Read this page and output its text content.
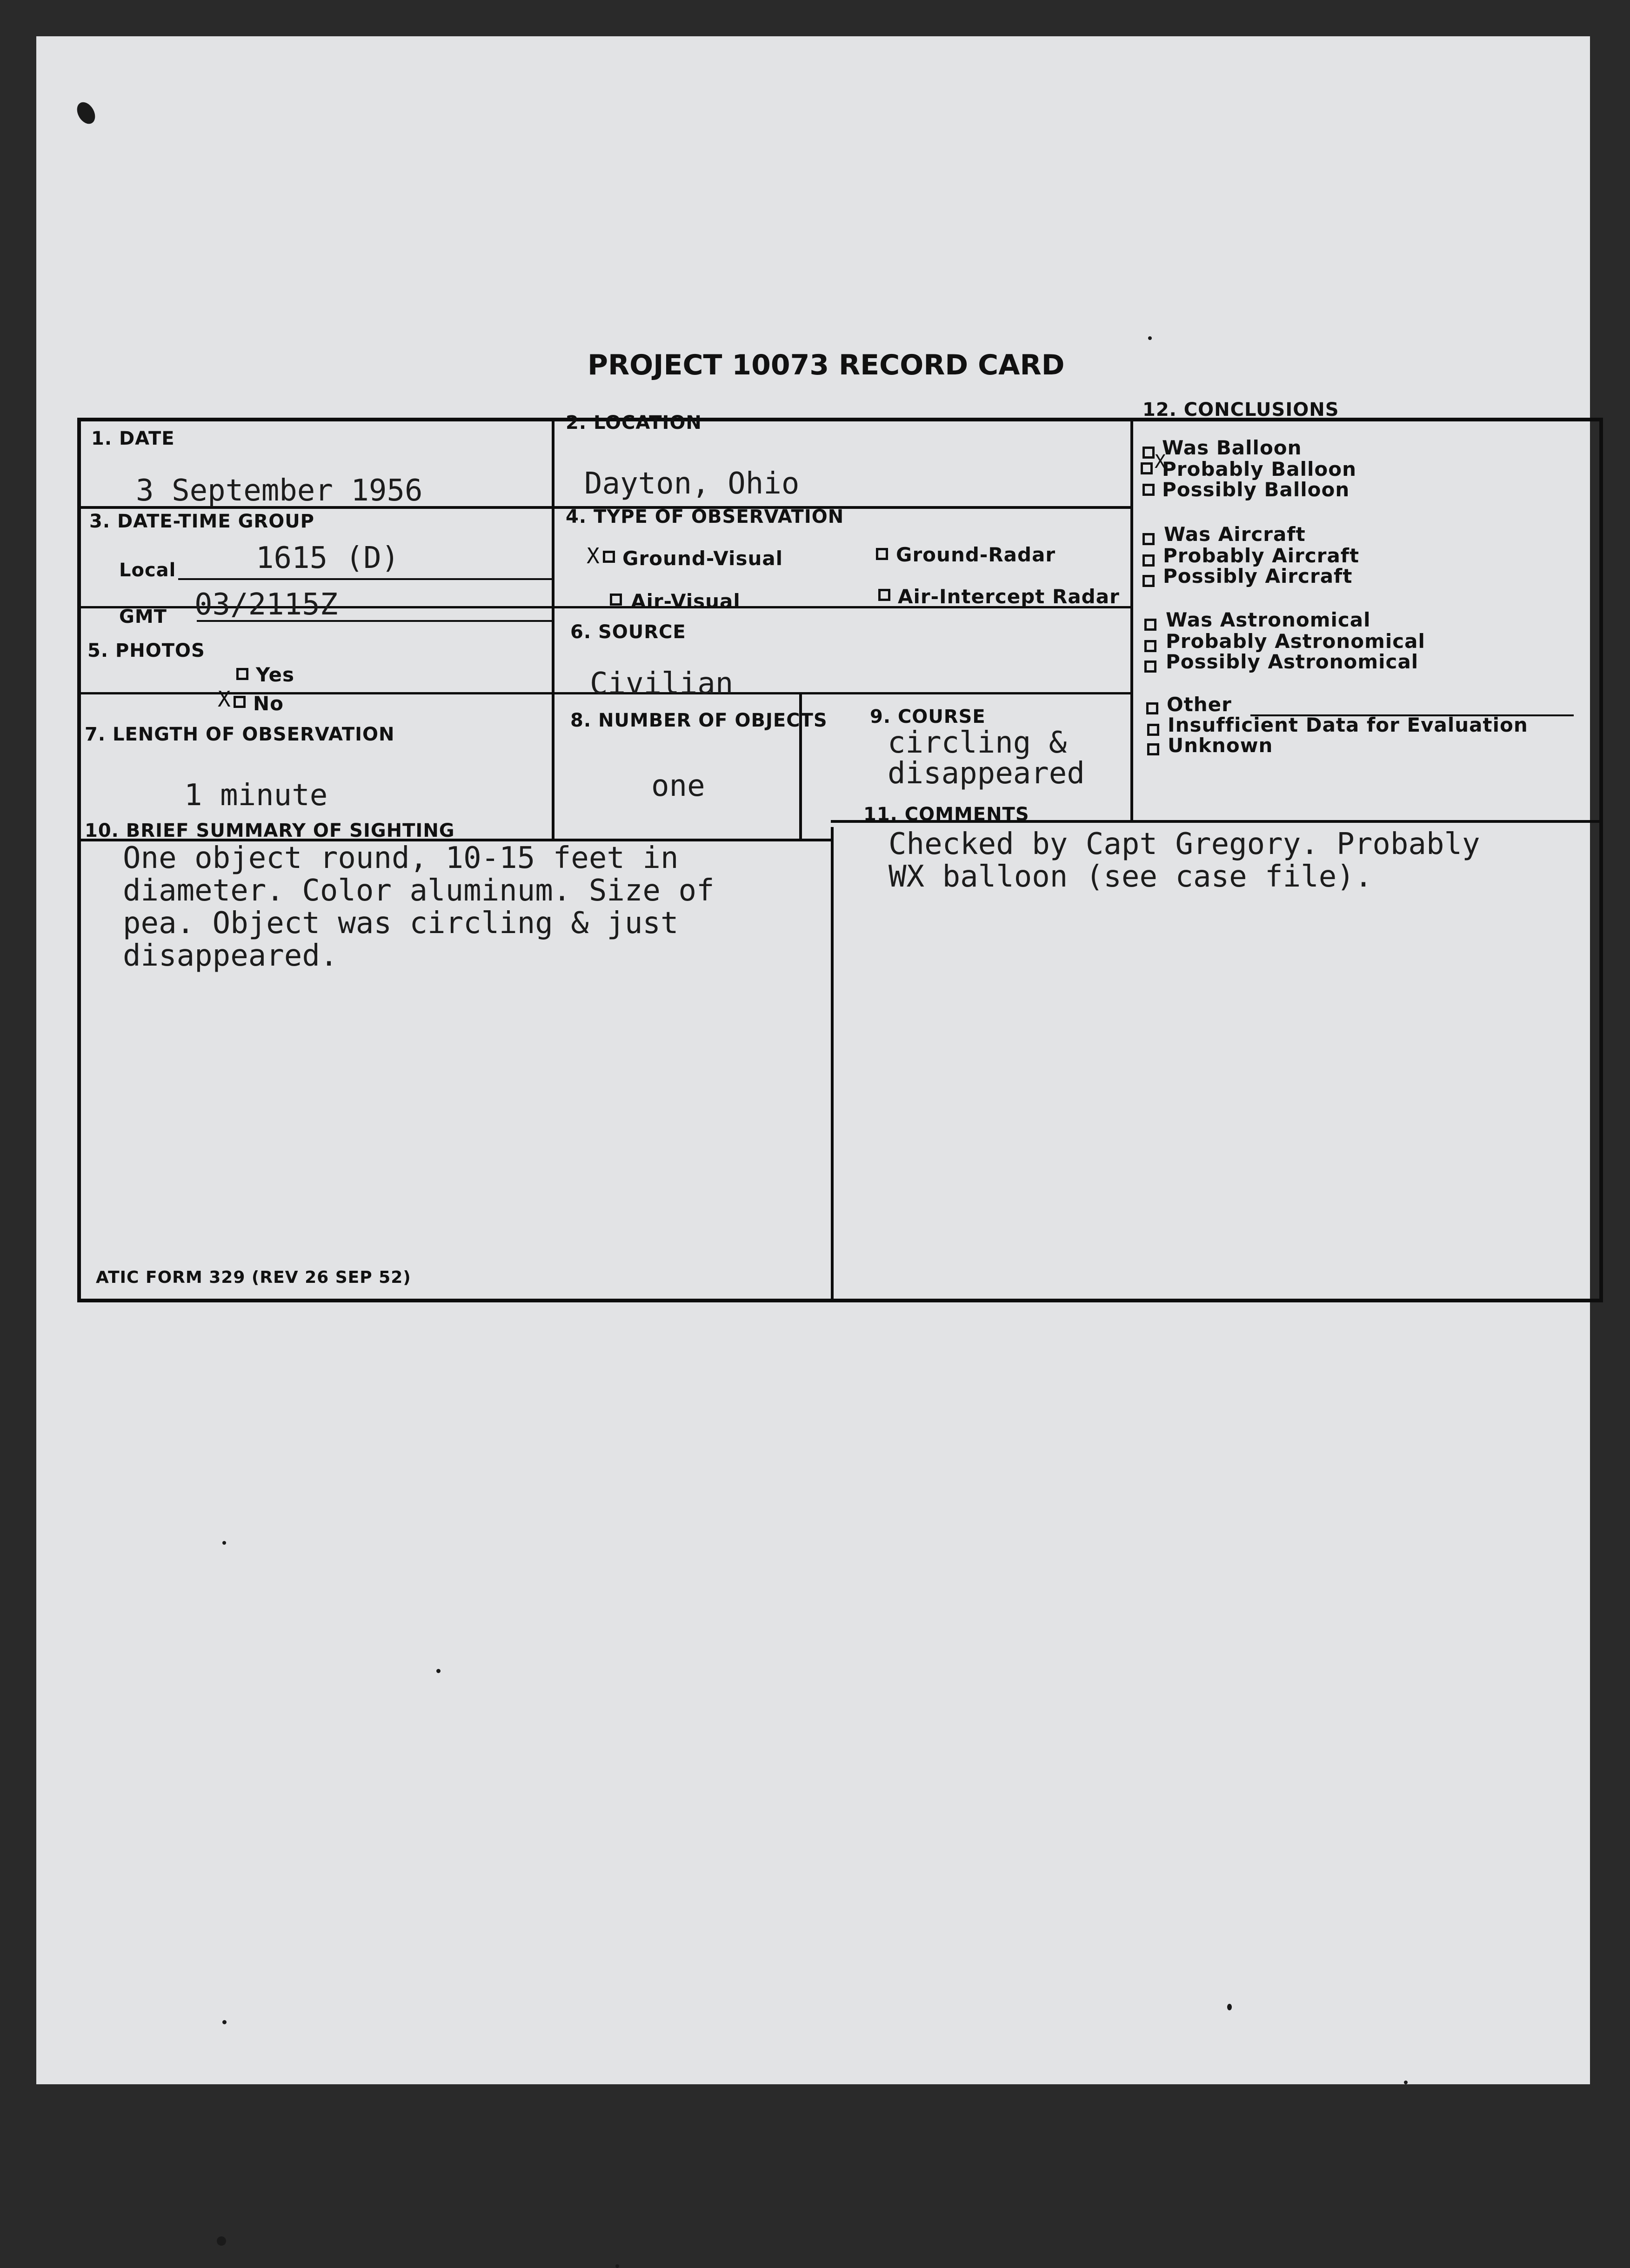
PROJECT 10073 RECORD CARD
1. DATE
3 September 1956
2. LOCATION
Dayton, Ohio
3. DATE-TIME GROUP
Local	1615 (D)
GMT 03/2115Z
4. TYPE OF OBSERVATION
X Ground-Visual	Ground-Radar
Air-Visual	Air-Intercept Radar
5. PHOTOS
Yes
X No
6. SOURCE
Civilian
7. LENGTH OF OBSERVATION
1 minute
8. NUMBER OF OBJECTS
one
9. COURSE
circling &
disappeared
10. BRIEF SUMMARY OF SIGHTING
One object round, 10-15 feet in
diameter. Color aluminum. Size of
pea. Object was circling & just
disappeared.
11. COMMENTS
Checked by Capt Gregory. Probably
WX balloon (see case file).
12. CONCLUSIONS
Was Balloon
X
Probably Balloon
Possibly Balloon
Was Aircraft
Probably Aircraft
Possibly Aircraft
Was Astronomical
Probably Astronomical
Possibly Astronomical
Other
Insufficient Data for Evaluation
Unknown
ATIC FORM 329 (REV 26 SEP 52)
